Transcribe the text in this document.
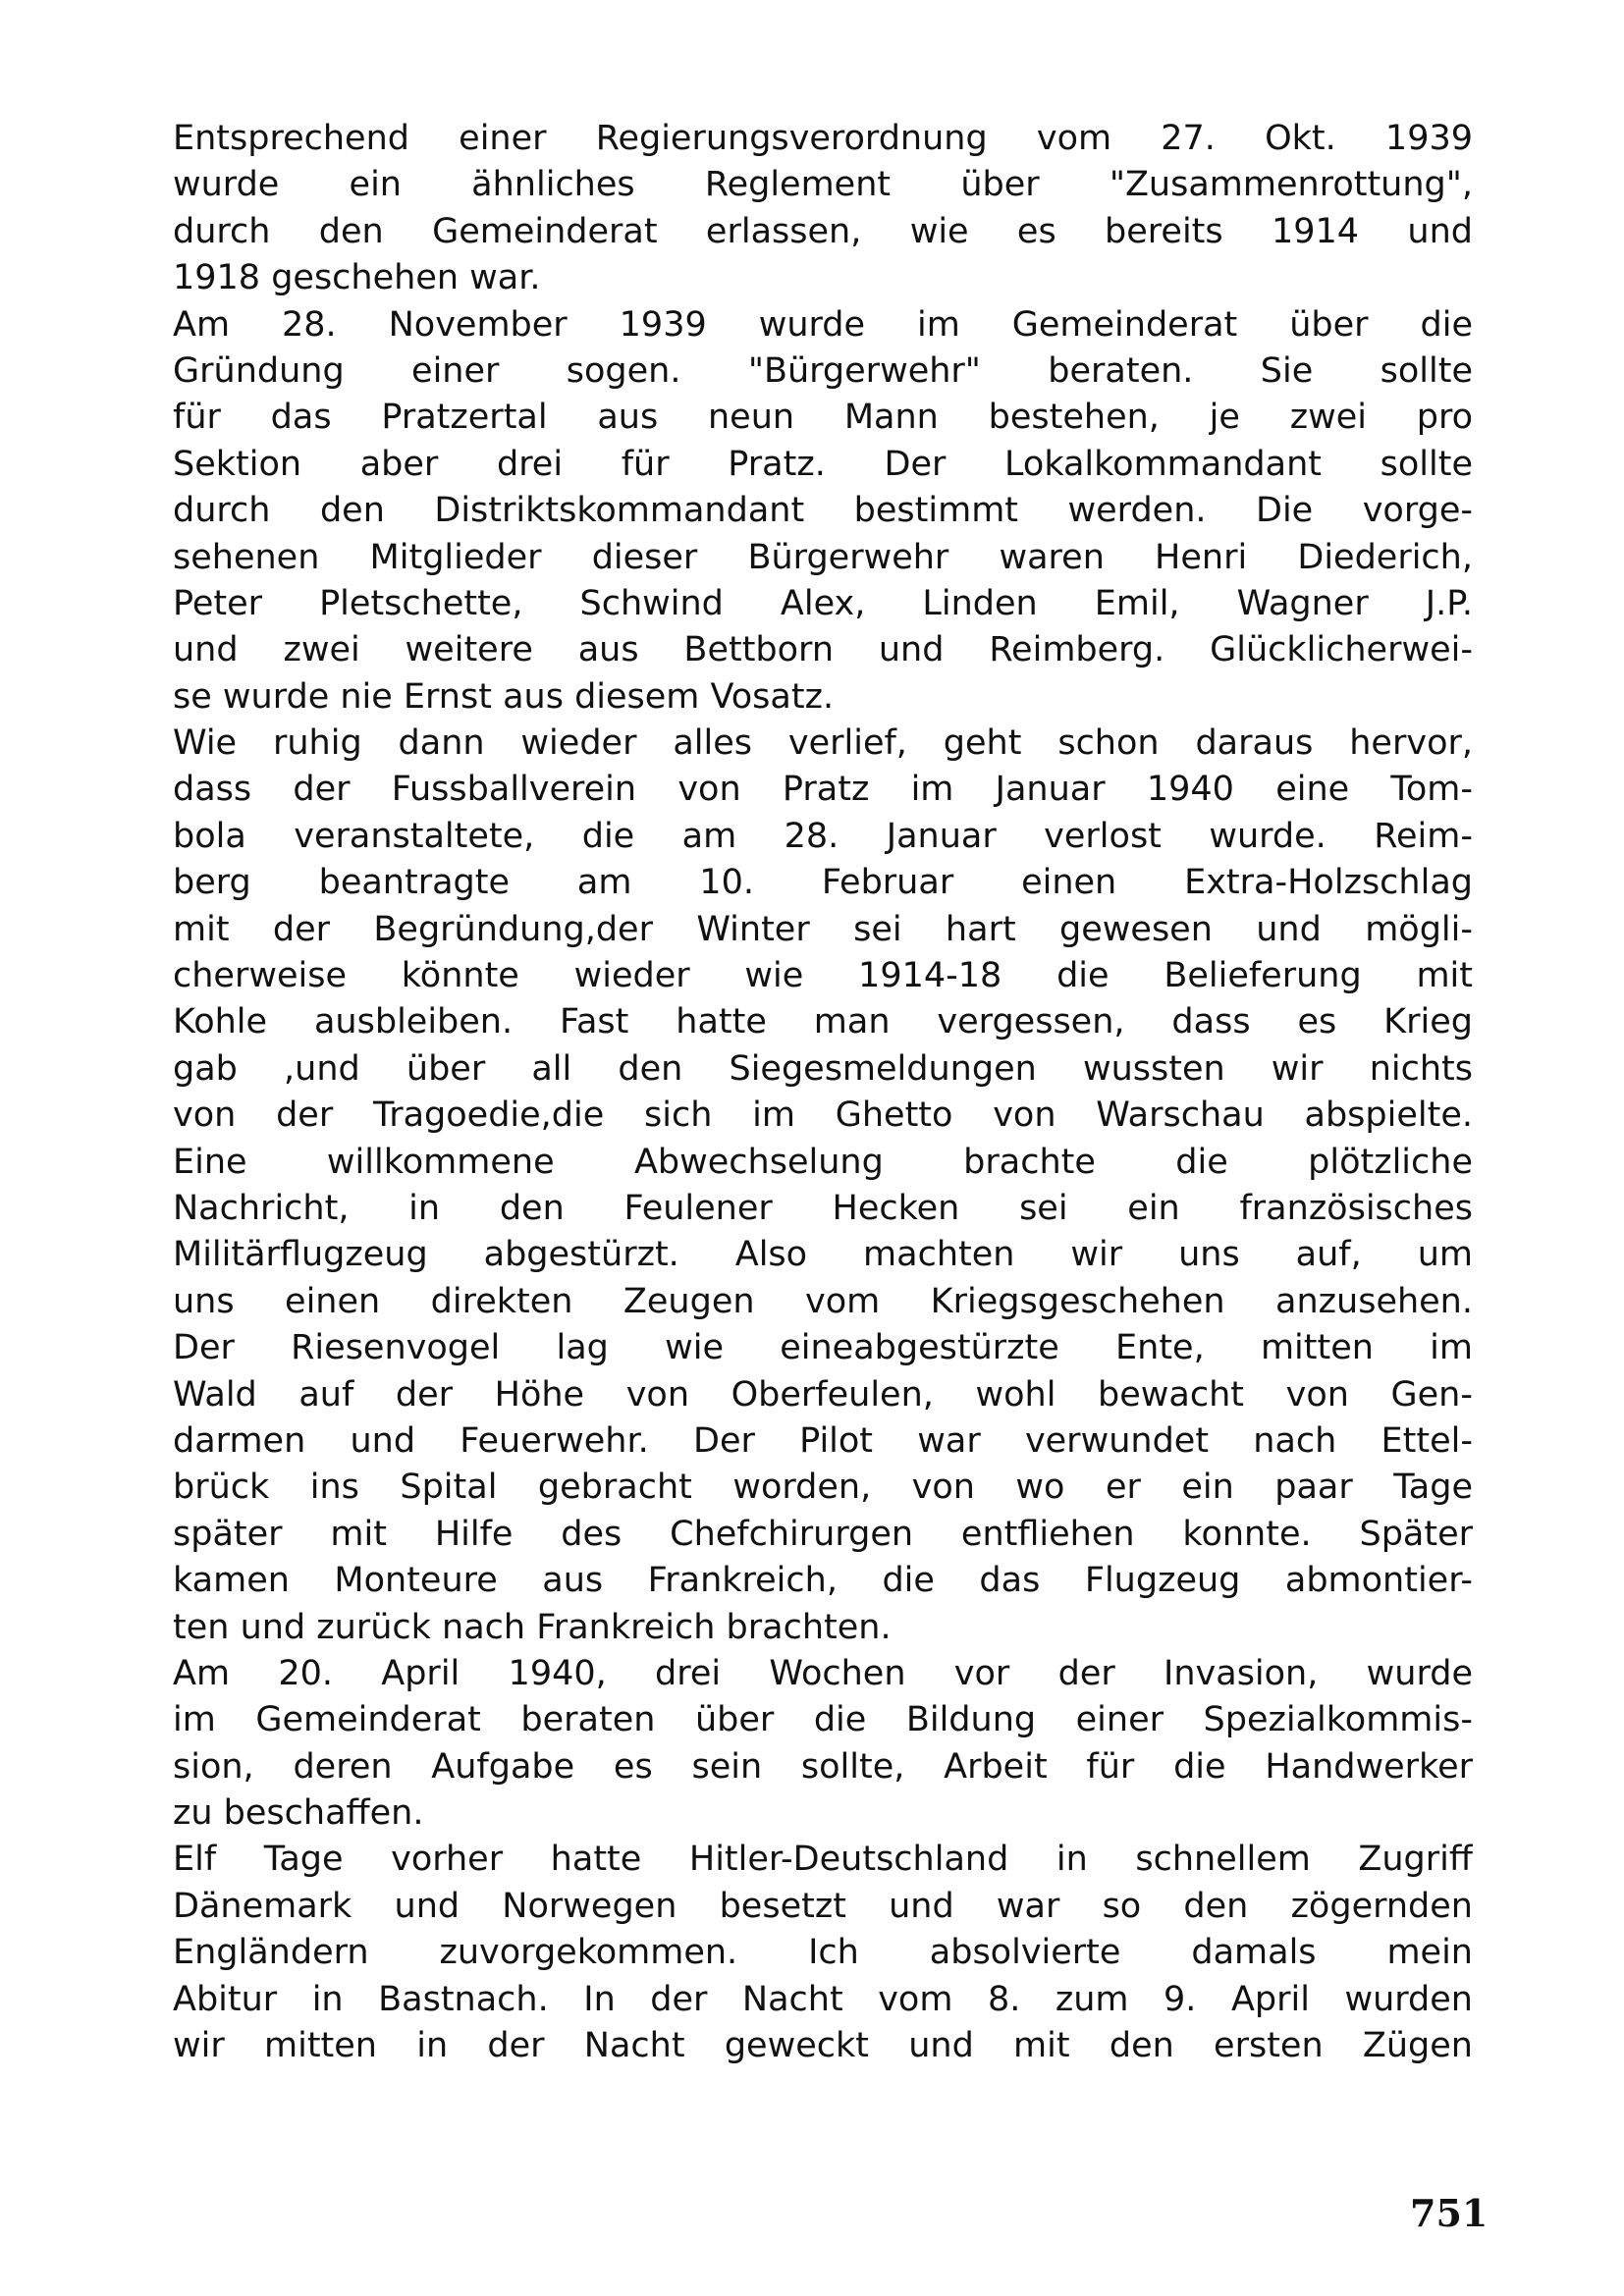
Entsprechend einer Regierungsverordnung vom 27. Okt. 1939
wurde ein ähnliches Reglement über "Zusammenrottung",
durch den Gemeinderat erlassen, wie es bereits 1914 und
1918 geschehen war.
Am 28. November 1939 wurde im Gemeinderat über die
Gründung einer sogen. "Bürgerwehr" beraten. Sie sollte
für das Pratzertal aus neun Mann bestehen, je zwei pro
Sektion aber drei für Pratz. Der Lokalkommandant sollte
durch den Distriktskommandant bestimmt werden. Die vorge-
sehenen Mitglieder dieser Bürgerwehr waren Henri Diederich,
Peter Pletschette, Schwind Alex, Linden Emil, Wagner J.P.
und zwei weitere aus Bettborn und Reimberg. Glücklicherwei-
se wurde nie Ernst aus diesem Vosatz.
Wie ruhig dann wieder alles verlief, geht schon daraus hervor,
dass der Fussballverein von Pratz im Januar 1940 eine Tom-
bola veranstaltete, die am 28. Januar verlost wurde. Reim-
berg beantragte am 10. Februar einen Extra-Holzschlag
mit der Begründung,der Winter sei hart gewesen und mögli-
cherweise könnte wieder wie 1914-18 die Belieferung mit
Kohle ausbleiben. Fast hatte man vergessen, dass es Krieg
gab ,und über all den Siegesmeldungen wussten wir nichts
von der Tragoedie,die sich im Ghetto von Warschau abspielte.
Eine willkommene Abwechselung brachte die plötzliche
Nachricht, in den Feulener Hecken sei ein französisches
Militärflugzeug abgestürzt. Also machten wir uns auf, um
uns einen direkten Zeugen vom Kriegsgeschehen anzusehen.
Der Riesenvogel lag wie eineabgestürzte Ente, mitten im
Wald auf der Höhe von Oberfeulen, wohl bewacht von Gen-
darmen und Feuerwehr. Der Pilot war verwundet nach Ettel-
brück ins Spital gebracht worden, von wo er ein paar Tage
später mit Hilfe des Chefchirurgen entfliehen konnte. Später
kamen Monteure aus Frankreich, die das Flugzeug abmontier-
ten und zurück nach Frankreich brachten.
Am 20. April 1940, drei Wochen vor der Invasion, wurde
im Gemeinderat beraten über die Bildung einer Spezialkommis-
sion, deren Aufgabe es sein sollte, Arbeit für die Handwerker
zu beschaffen.
Elf Tage vorher hatte Hitler-Deutschland in schnellem Zugriff
Dänemark und Norwegen besetzt und war so den zögernden
Engländern zuvorgekommen. Ich absolvierte damals mein
Abitur in Bastnach. In der Nacht vom 8. zum 9. April wurden
wir mitten in der Nacht geweckt und mit den ersten Zügen
751
